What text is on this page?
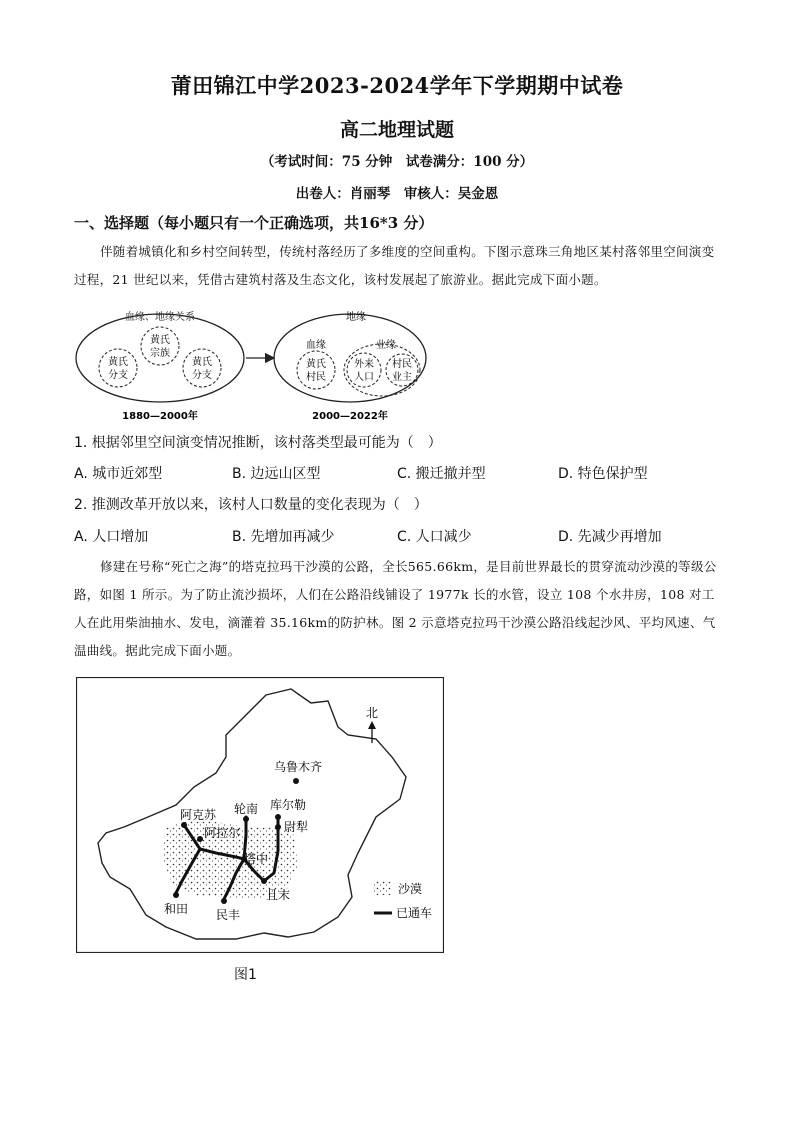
莆田锦江中学2023-2024学年下学期期中试卷
高二地理试题
（考试时间：75 分钟　试卷满分：100 分）
出卷人：肖丽琴　审核人：吴金恩
一、选择题（每小题只有一个正确选项，共16*3 分）
伴随着城镇化和乡村空间转型，传统村落经历了多维度的空间重构。下图示意珠三角地区某村落邻里空间演变过程，21 世纪以来，凭借古建筑村落及生态文化，该村发展起了旅游业。据此完成下面小题。
血缘、地缘关系
黄氏
宗族
黄氏
分支
黄氏
分支
1880—2000年
地缘
血缘	业缘
黄氏
村民
外来
人口
村民
业主
2000—2022年
1. 根据邻里空间演变情况推断，该村落类型最可能为（　）
A. 城市近郊型	B. 边远山区型	C. 搬迁撤并型	D. 特色保护型
2. 推测改革开放以来，该村人口数量的变化表现为（　）
A. 人口增加	B. 先增加再减少	C. 人口减少	D. 先减少再增加
修建在号称“死亡之海”的塔克拉玛干沙漠的公路，全长565.66km，是目前世界最长的贯穿流动沙漠的等级公路，如图 1 所示。为了防止流沙损坏，人们在公路沿线铺设了 1977k 长的水管，设立 108 个水井房，108 对工人在此用柴油抽水、发电，滴灌着 35.16km的防护林。图 2 示意塔克拉玛干沙漠公路沿线起沙风、平均风速、气温曲线。据此完成下面小题。
乌鲁木齐
阿克苏
阿拉尔
轮南 库尔勒
尉犁
塔中
和田 民丰
且末
北
沙漠
已通车
图1
